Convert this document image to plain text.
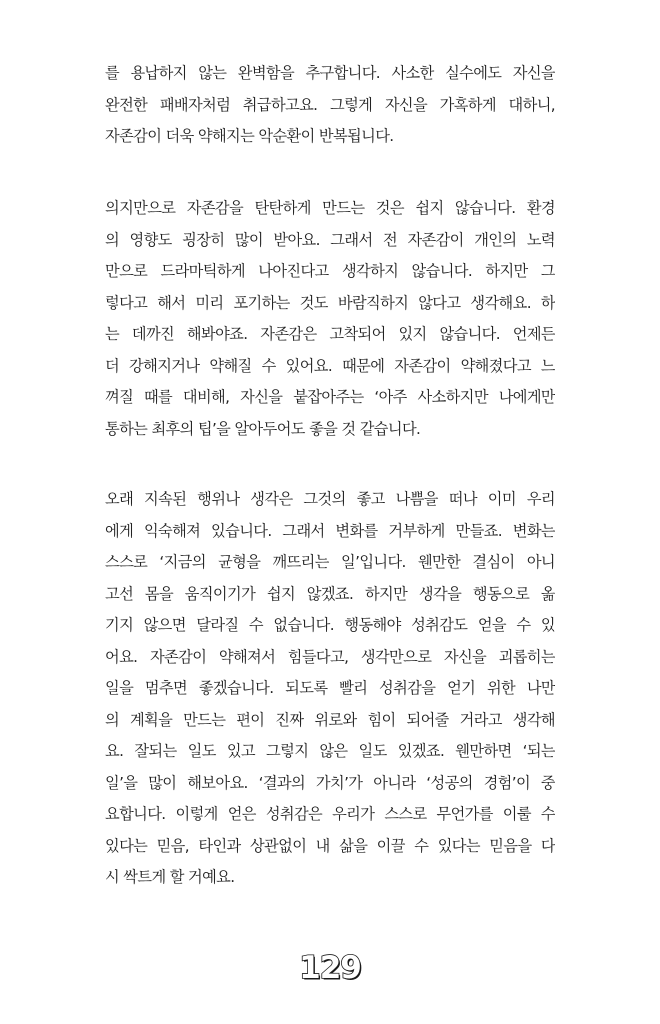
를 용납하지 않는 완벽함을 추구합니다. 사소한 실수에도 자신을
완전한 패배자처럼 취급하고요. 그렇게 자신을 가혹하게 대하니,
자존감이 더욱 약해지는 악순환이 반복됩니다.
의지만으로 자존감을 탄탄하게 만드는 것은 쉽지 않습니다. 환경
의 영향도 굉장히 많이 받아요. 그래서 전 자존감이 개인의 노력
만으로 드라마틱하게 나아진다고 생각하지 않습니다. 하지만 그
렇다고 해서 미리 포기하는 것도 바람직하지 않다고 생각해요. 하
는 데까진 해봐야죠. 자존감은 고착되어 있지 않습니다. 언제든
더 강해지거나 약해질 수 있어요. 때문에 자존감이 약해졌다고 느
껴질 때를 대비해, 자신을 붙잡아주는 ‘아주 사소하지만 나에게만
통하는 최후의 팁’을 알아두어도 좋을 것 같습니다.
오래 지속된 행위나 생각은 그것의 좋고 나쁨을 떠나 이미 우리
에게 익숙해져 있습니다. 그래서 변화를 거부하게 만들죠. 변화는
스스로 ‘지금의 균형을 깨뜨리는 일’입니다. 웬만한 결심이 아니
고선 몸을 움직이기가 쉽지 않겠죠. 하지만 생각을 행동으로 옮
기지 않으면 달라질 수 없습니다. 행동해야 성취감도 얻을 수 있
어요. 자존감이 약해져서 힘들다고, 생각만으로 자신을 괴롭히는
일을 멈추면 좋겠습니다. 되도록 빨리 성취감을 얻기 위한 나만
의 계획을 만드는 편이 진짜 위로와 힘이 되어줄 거라고 생각해
요. 잘되는 일도 있고 그렇지 않은 일도 있겠죠. 웬만하면 ‘되는
일’을 많이 해보아요. ‘결과의 가치’가 아니라 ‘성공의 경험’이 중
요합니다. 이렇게 얻은 성취감은 우리가 스스로 무언가를 이룰 수
있다는 믿음, 타인과 상관없이 내 삶을 이끌 수 있다는 믿음을 다
시 싹트게 할 거예요.
129
